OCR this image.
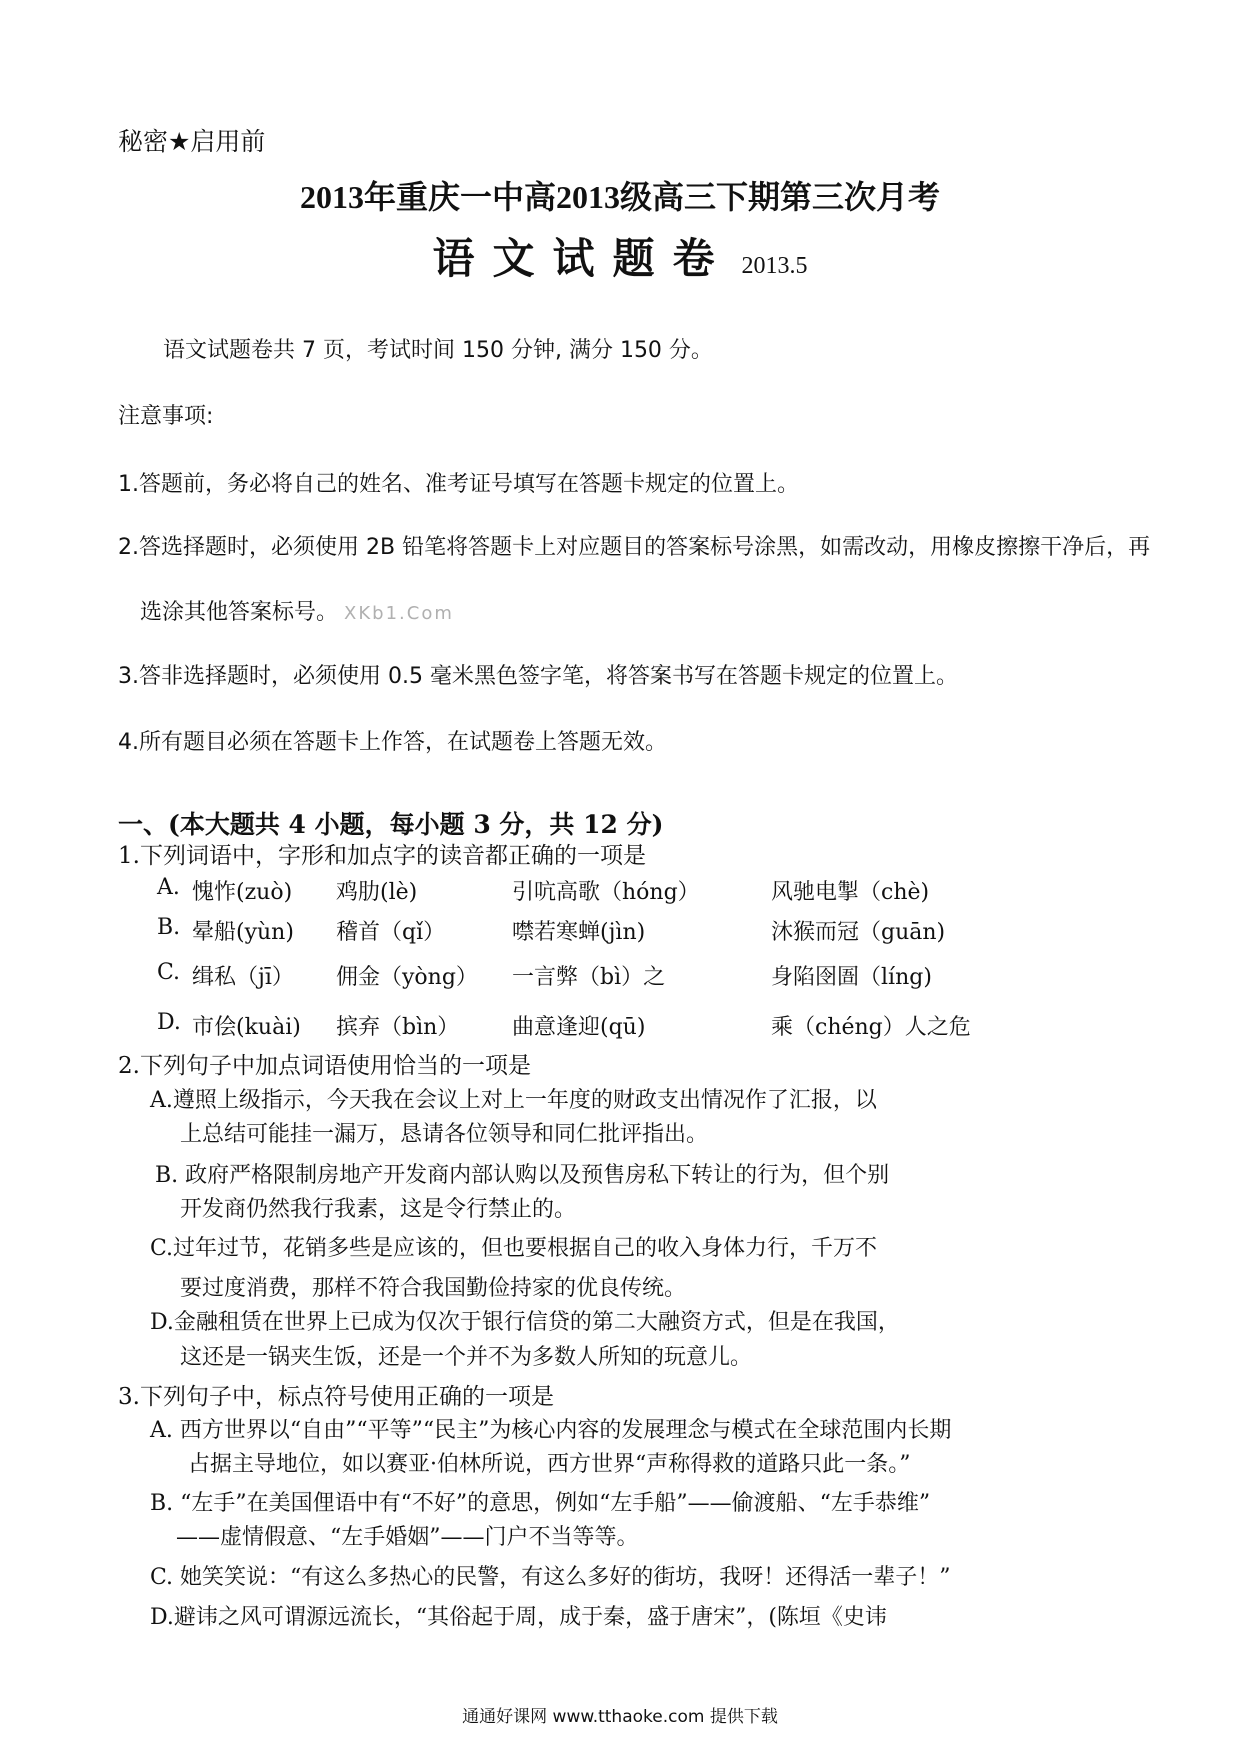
秘密★启用前
2013年重庆一中高2013级高三下期第三次月考
语文试题卷 2013.5
语文试题卷共 7 页，考试时间 150 分钟, 满分 150 分。
注意事项:
1.答题前，务必将自己的姓名、准考证号填写在答题卡规定的位置上。
2.答选择题时，必须使用 2B 铅笔将答题卡上对应题目的答案标号涂黑，如需改动，用橡皮擦擦干净后，再
选涂其他答案标号。 XKb1.Com
3.答非选择题时，必须使用 0.5 毫米黑色签字笔，将答案书写在答题卡规定的位置上。
4.所有题目必须在答题卡上作答，在试题卷上答题无效。
一、(本大题共 4 小题，每小题 3 分，共 12 分)
1.下列词语中，字形和加点字的读音都正确的一项是
A. 愧怍(zuò) 鸡肋(lè)	引吭高歌（hóng）	风驰电掣（chè)
B. 晕船(yùn) 稽首（qǐ）	噤若寒蝉(jìn)	沐猴而冠（guān)
C. 缉私（jī） 佣金（yòng） 一言弊（bì）之	身陷囹圄（líng)
D. 市侩(kuài) 摈弃（bìn） 曲意逢迎(qū)	乘（chéng）人之危
2.下列句子中加点词语使用恰当的一项是
A.遵照上级指示，今天我在会议上对上一年度的财政支出情况作了汇报，以
上总结可能挂一漏万，恳请各位领导和同仁批评指出。
B. 政府严格限制房地产开发商内部认购以及预售房私下转让的行为，但个别
开发商仍然我行我素，这是令行禁止的。
C.过年过节，花销多些是应该的，但也要根据自己的收入身体力行，千万不
要过度消费，那样不符合我国勤俭持家的优良传统。
D.金融租赁在世界上已成为仅次于银行信贷的第二大融资方式，但是在我国，
这还是一锅夹生饭，还是一个并不为多数人所知的玩意儿。
3.下列句子中，标点符号使用正确的一项是
A. 西方世界以“自由”“平等”“民主”为核心内容的发展理念与模式在全球范围内长期
占据主导地位，如以赛亚·伯林所说，西方世界“声称得救的道路只此一条。”
B. “左手”在美国俚语中有“不好”的意思，例如“左手船”——偷渡船、“左手恭维”
——虚情假意、“左手婚姻”——门户不当等等。
C. 她笑笑说：“有这么多热心的民警，有这么多好的街坊，我呀！还得活一辈子！”
D.避讳之风可谓源远流长，“其俗起于周，成于秦，盛于唐宋”，(陈垣《史讳
通通好课网 www.tthaoke.com 提供下载
